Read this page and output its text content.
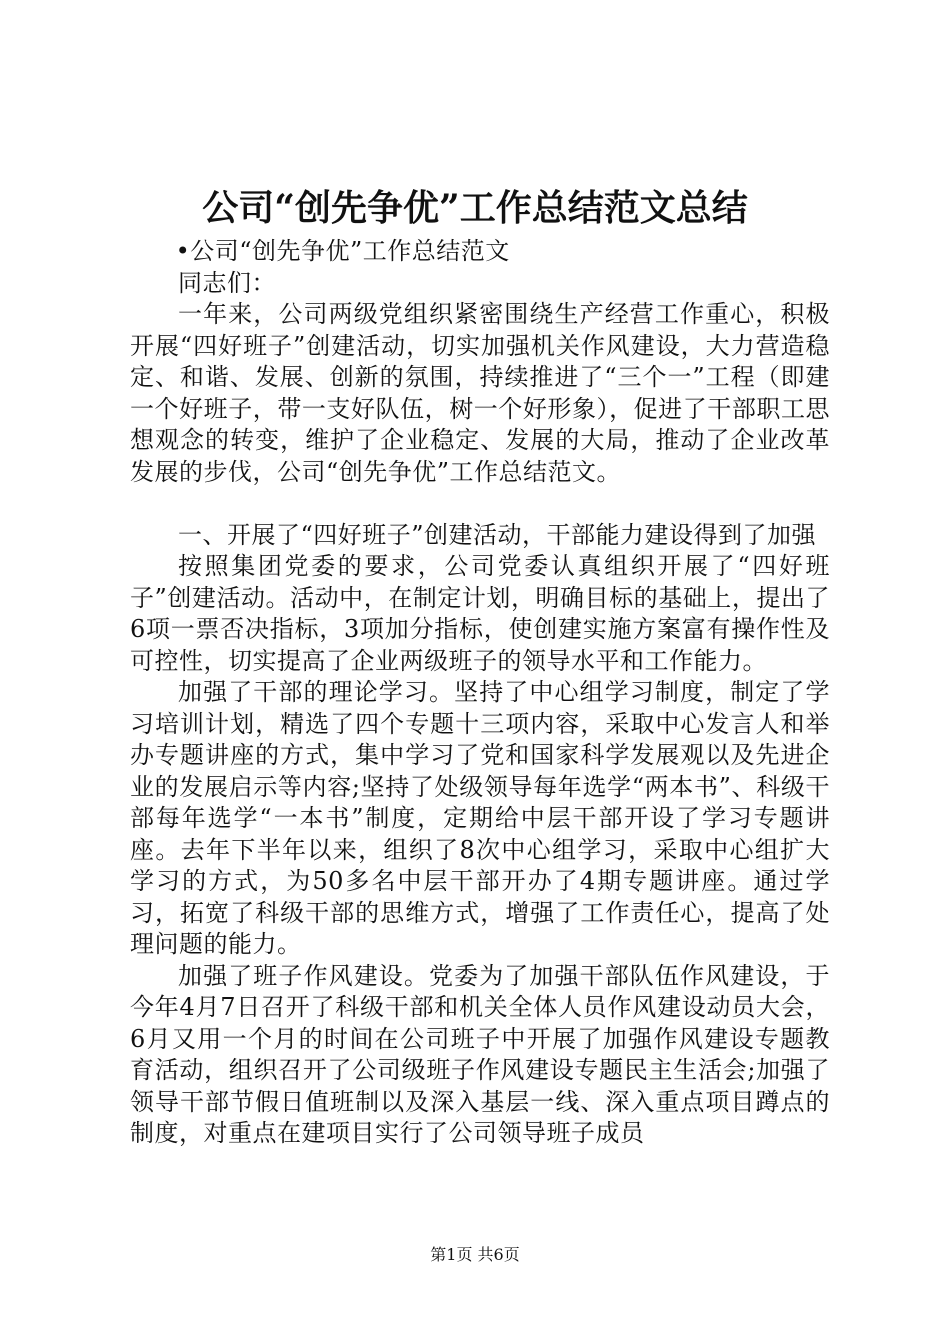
公司“创先争优”工作总结范文总结

•公司“创先争优”工作总结范文

同志们：

一年来，公司两级党组织紧密围绕生产经营工作重心，积极开展“四好班子”创建活动，切实加强机关作风建设，大力营造稳定、和谐、发展、创新的氛围，持续推进了“三个一”工程（即建一个好班子，带一支好队伍，树一个好形象），促进了干部职工思想观念的转变，维护了企业稳定、发展的大局，推动了企业改革发展的步伐，公司“创先争优”工作总结范文。

一、开展了“四好班子”创建活动，干部能力建设得到了加强

按照集团党委的要求，公司党委认真组织开展了“四好班子”创建活动。活动中，在制定计划，明确目标的基础上，提出了6项一票否决指标，3项加分指标，使创建实施方案富有操作性及可控性，切实提高了企业两级班子的领导水平和工作能力。

加强了干部的理论学习。坚持了中心组学习制度，制定了学习培训计划，精选了四个专题十三项内容，采取中心发言人和举办专题讲座的方式，集中学习了党和国家科学发展观以及先进企业的发展启示等内容;坚持了处级领导每年选学“两本书”、科级干部每年选学“一本书”制度，定期给中层干部开设了学习专题讲座。去年下半年以来，组织了8次中心组学习，采取中心组扩大学习的方式，为50多名中层干部开办了4期专题讲座。通过学习，拓宽了科级干部的思维方式，增强了工作责任心，提高了处理问题的能力。

加强了班子作风建设。党委为了加强干部队伍作风建设，于今年4月7日召开了科级干部和机关全体人员作风建设动员大会，6月又用一个月的时间在公司班子中开展了加强作风建设专题教育活动，组织召开了公司级班子作风建设专题民主生活会;加强了领导干部节假日值班制以及深入基层一线、深入重点项目蹲点的制度，对重点在建项目实行了公司领导班子成员

第1页 共6页
